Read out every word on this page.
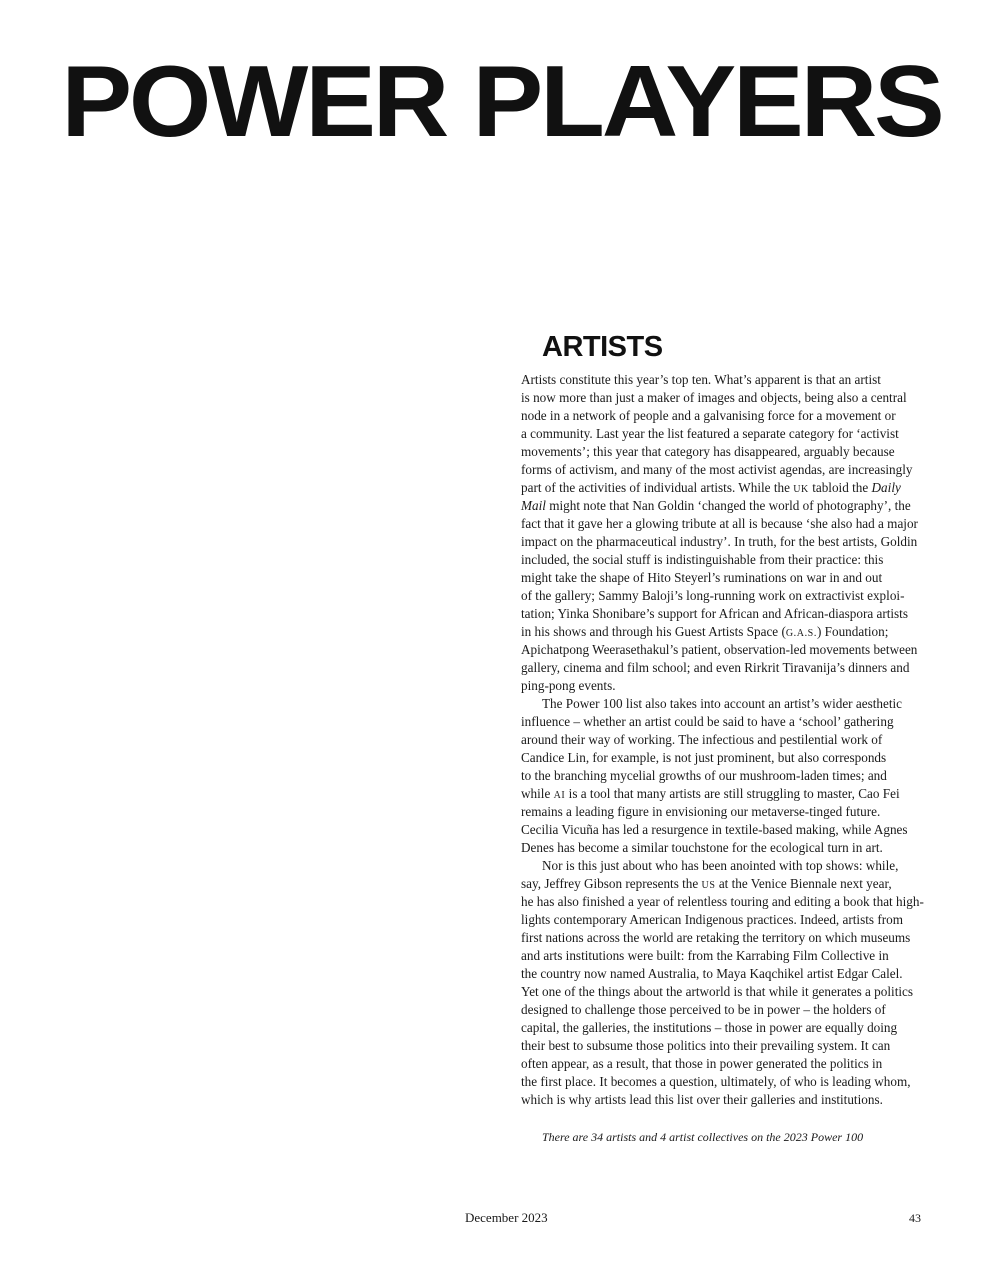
POWER PLAYERS
ARTISTS
Artists constitute this year’s top ten. What’s apparent is that an artist
is now more than just a maker of images and objects, being also a central
node in a network of people and a galvanising force for a movement or
a community. Last year the list featured a separate category for ‘activist
movements’; this year that category has disappeared, arguably because
forms of activism, and many of the most activist agendas, are increasingly
part of the activities of individual artists. While the UK tabloid the Daily
Mail might note that Nan Goldin ‘changed the world of photography’, the
fact that it gave her a glowing tribute at all is because ‘she also had a major
impact on the pharmaceutical industry’. In truth, for the best artists, Goldin
included, the social stuff is indistinguishable from their practice: this
might take the shape of Hito Steyerl’s ruminations on war in and out
of the gallery; Sammy Baloji’s long-running work on extractivist exploi-
tation; Yinka Shonibare’s support for African and African-diaspora artists
in his shows and through his Guest Artists Space (G.A.S.) Foundation;
Apichatpong Weerasethakul’s patient, observation-led movements between
gallery, cinema and film school; and even Rirkrit Tiravanija’s dinners and
ping-pong events.
The Power 100 list also takes into account an artist’s wider aesthetic
influence – whether an artist could be said to have a ‘school’ gathering
around their way of working. The infectious and pestilential work of
Candice Lin, for example, is not just prominent, but also corresponds
to the branching mycelial growths of our mushroom-laden times; and
while AI is a tool that many artists are still struggling to master, Cao Fei
remains a leading figure in envisioning our metaverse-tinged future.
Cecilia Vicuña has led a resurgence in textile-based making, while Agnes
Denes has become a similar touchstone for the ecological turn in art.
Nor is this just about who has been anointed with top shows: while,
say, Jeffrey Gibson represents the US at the Venice Biennale next year,
he has also finished a year of relentless touring and editing a book that high-
lights contemporary American Indigenous practices. Indeed, artists from
first nations across the world are retaking the territory on which museums
and arts institutions were built: from the Karrabing Film Collective in
the country now named Australia, to Maya Kaqchikel artist Edgar Calel.
Yet one of the things about the artworld is that while it generates a politics
designed to challenge those perceived to be in power – the holders of
capital, the galleries, the institutions – those in power are equally doing
their best to subsume those politics into their prevailing system. It can
often appear, as a result, that those in power generated the politics in
the first place. It becomes a question, ultimately, of who is leading whom,
which is why artists lead this list over their galleries and institutions.

There are 34 artists and 4 artist collectives on the 2023 Power 100

December 2023	43
